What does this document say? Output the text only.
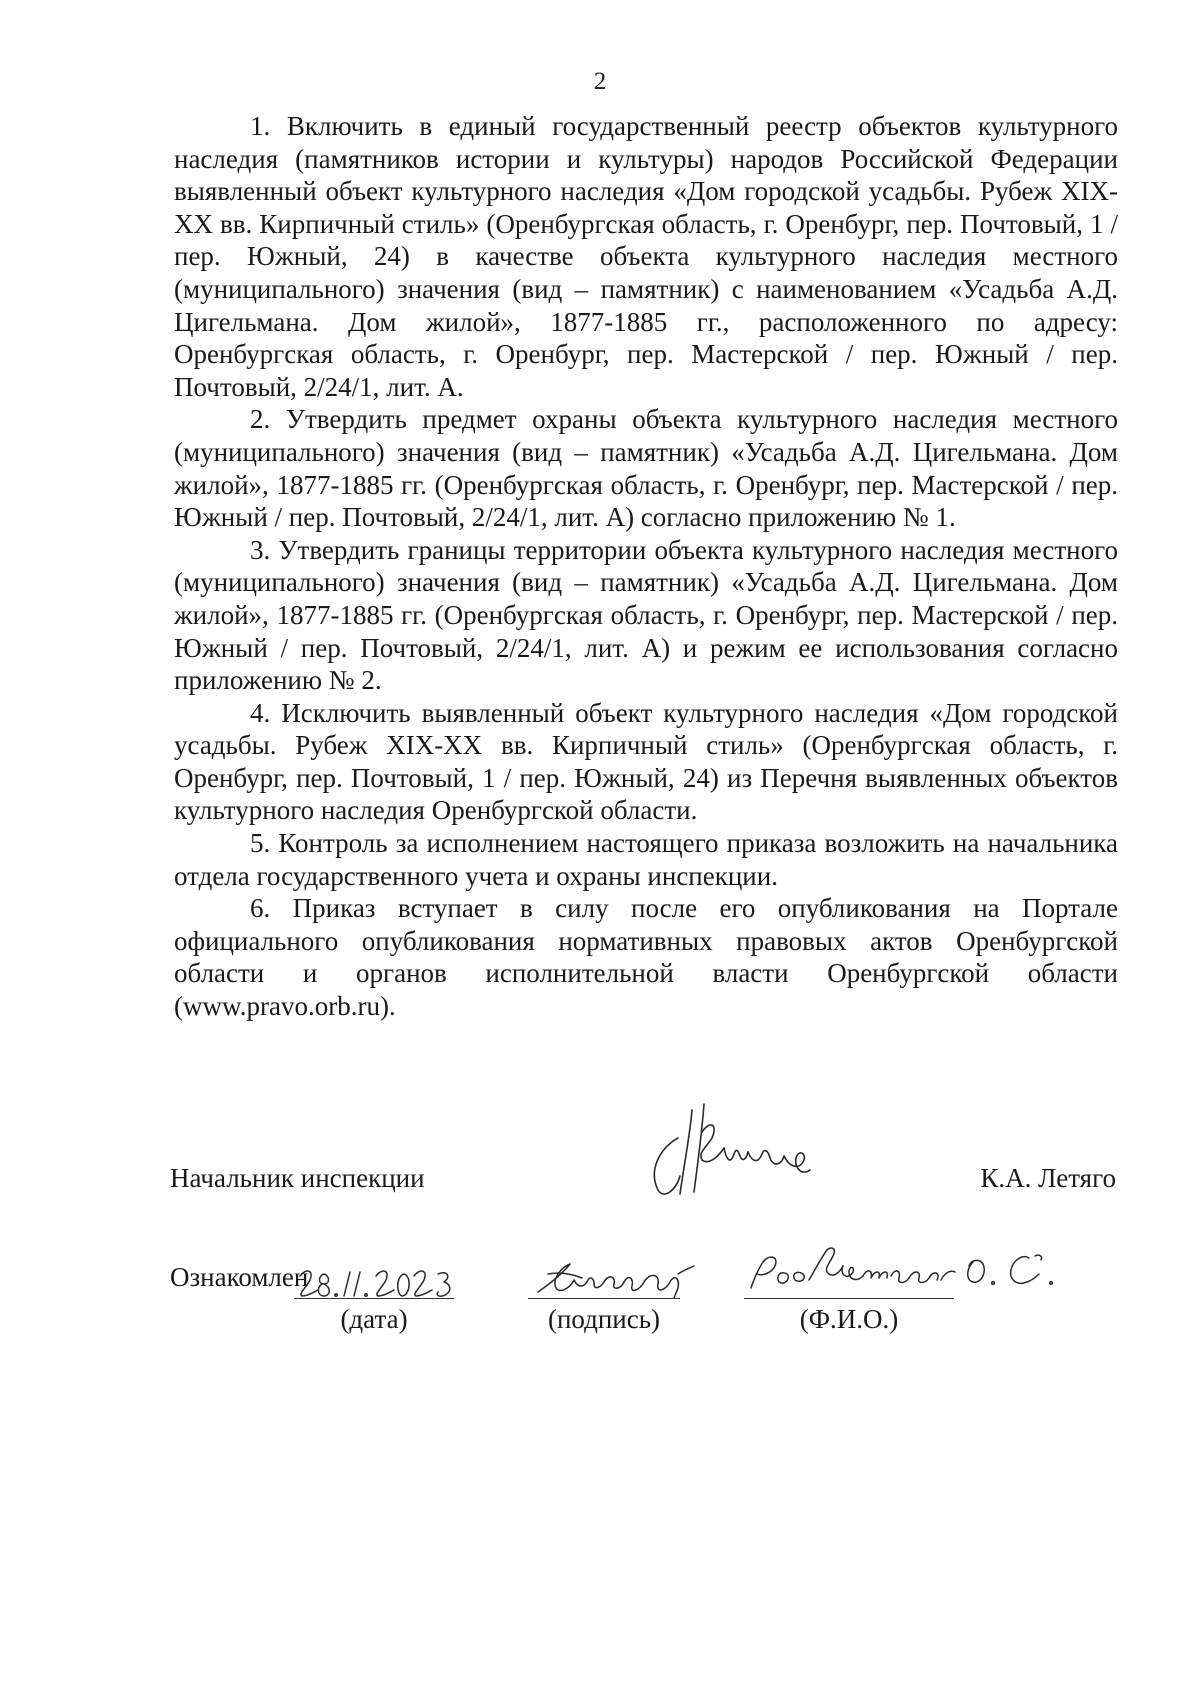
2

1. Включить в единый государственный реестр объектов культурного наследия (памятников истории и культуры) народов Российской Федерации выявленный объект культурного наследия «Дом городской усадьбы. Рубеж XIX-XX вв. Кирпичный стиль» (Оренбургская область, г. Оренбург, пер. Почтовый, 1 / пер. Южный, 24) в качестве объекта культурного наследия местного (муниципального) значения (вид – памятник) с наименованием «Усадьба А.Д. Цигельмана. Дом жилой», 1877-1885 гг., расположенного по адресу: Оренбургская область, г. Оренбург, пер. Мастерской / пер. Южный / пер. Почтовый, 2/24/1, лит. А.

2. Утвердить предмет охраны объекта культурного наследия местного (муниципального) значения (вид – памятник) «Усадьба А.Д. Цигельмана. Дом жилой», 1877-1885 гг. (Оренбургская область, г. Оренбург, пер. Мастерской / пер. Южный / пер. Почтовый, 2/24/1, лит. А) согласно приложению № 1.

3. Утвердить границы территории объекта культурного наследия местного (муниципального) значения (вид – памятник) «Усадьба А.Д. Цигельмана. Дом жилой», 1877-1885 гг. (Оренбургская область, г. Оренбург, пер. Мастерской / пер. Южный / пер. Почтовый, 2/24/1, лит. А) и режим ее использования согласно приложению № 2.

4. Исключить выявленный объект культурного наследия «Дом городской усадьбы. Рубеж XIX-XX вв. Кирпичный стиль» (Оренбургская область, г. Оренбург, пер. Почтовый, 1 / пер. Южный, 24) из Перечня выявленных объектов культурного наследия Оренбургской области.

5. Контроль за исполнением настоящего приказа возложить на начальника отдела государственного учета и охраны инспекции.

6. Приказ вступает в силу после его опубликования на Портале официального опубликования нормативных правовых актов Оренбургской области и органов исполнительной власти Оренбургской области (www.pravo.orb.ru).

Начальник инспекции	К.А. Летяго
Ознакомлен
(дата)	(подпись)	(Ф.И.О.)
